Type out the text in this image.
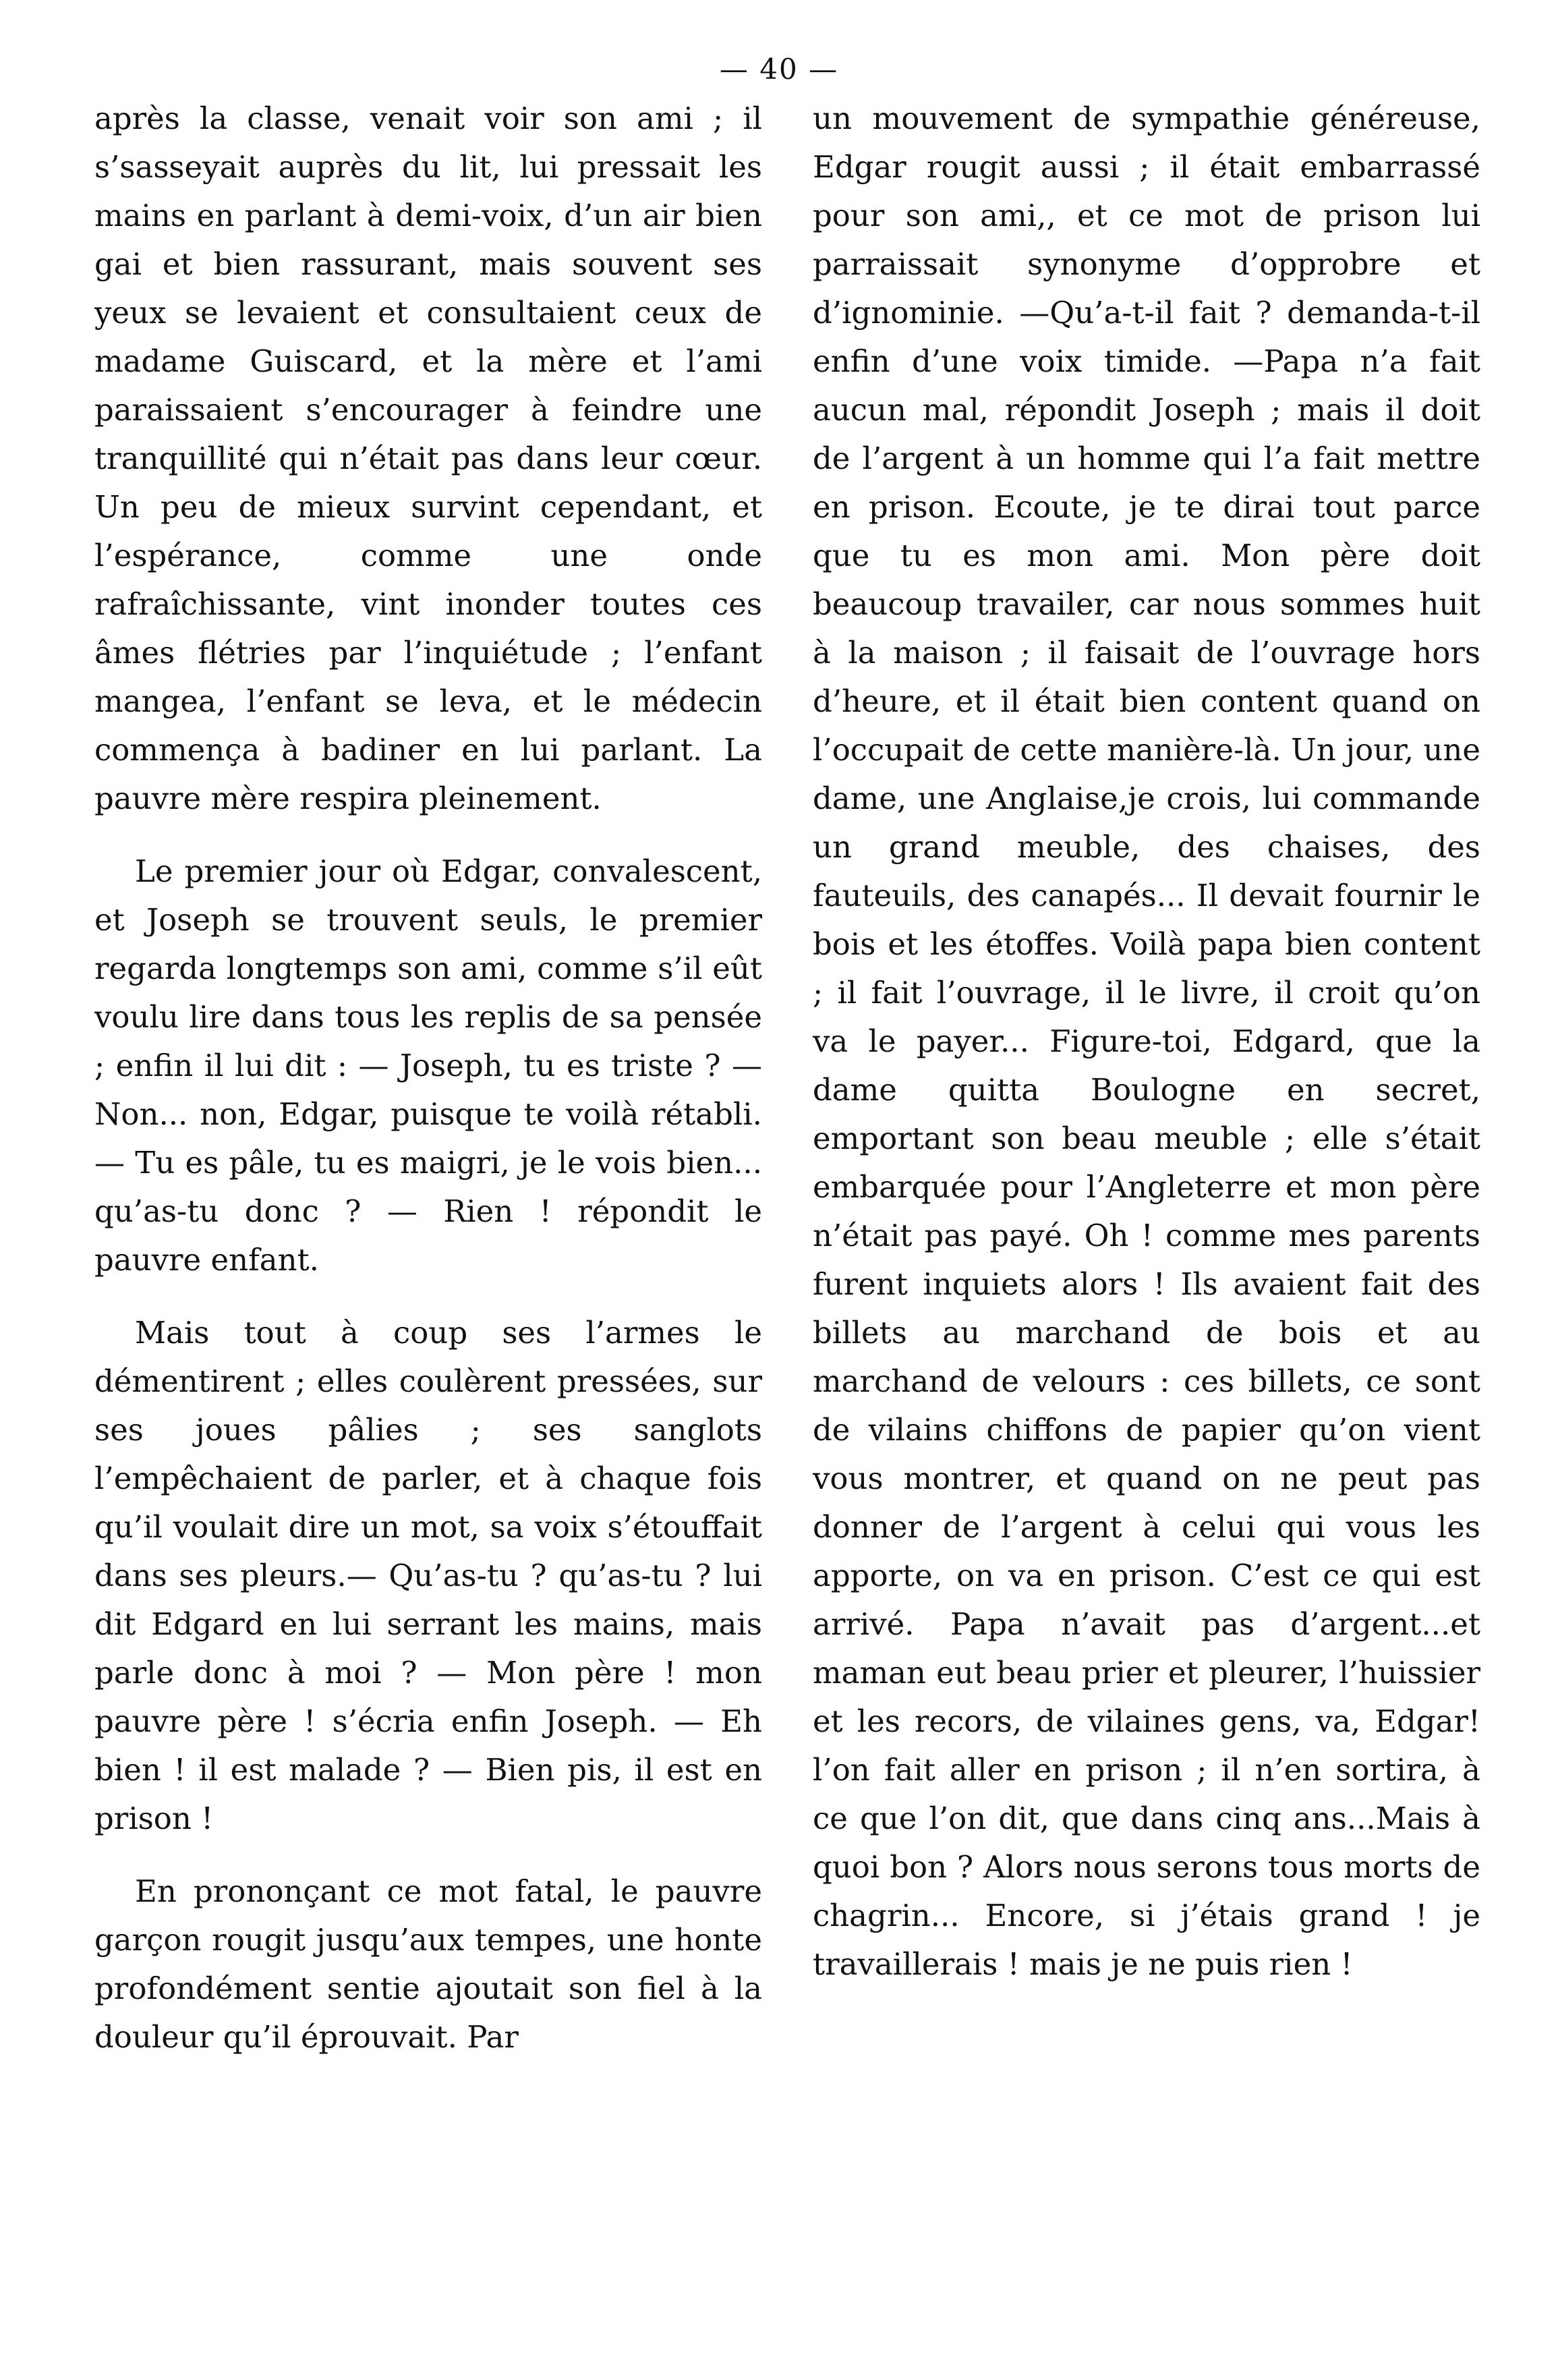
— 40 —

après la classe, venait voir son ami ; il s’sasseyait auprès du lit, lui pressait les mains en parlant à demi-voix, d’un air bien gai et bien rassurant, mais souvent ses yeux se levaient et consultaient ceux de madame Guiscard, et la mère et l’ami paraissaient s’encourager à feindre une tranquillité qui n’était pas dans leur cœur. Un peu de mieux survint cependant, et l’espérance, comme une onde rafraîchissante, vint inonder toutes ces âmes flétries par l’inquiétude ; l’enfant mangea, l’enfant se leva, et le médecin commença à badiner en lui parlant. La pauvre mère respira pleinement.

Le premier jour où Edgar, convalescent, et Joseph se trouvent seuls, le premier regarda longtemps son ami, comme s’il eût voulu lire dans tous les replis de sa pensée ; enfin il lui dit : — Joseph, tu es triste ? — Non... non, Edgar, puisque te voilà rétabli.— Tu es pâle, tu es maigri, je le vois bien... qu’as-tu donc ? — Rien ! répondit le pauvre enfant.

Mais tout à coup ses l’armes le démentirent ; elles coulèrent pressées, sur ses joues pâlies ; ses sanglots l’empêchaient de parler, et à chaque fois qu’il voulait dire un mot, sa voix s’étouffait dans ses pleurs.— Qu’as-tu ? qu’as-tu ? lui dit Edgard en lui serrant les mains, mais parle donc à moi ? — Mon père ! mon pauvre père ! s’écria enfin Joseph. — Eh bien ! il est malade ? — Bien pis, il est en prison !

En prononçant ce mot fatal, le pauvre garçon rougit jusqu’aux tempes, une honte profondément sentie ajoutait son fiel à la douleur qu’il éprouvait. Par

un mouvement de sympathie généreuse, Edgar rougit aussi ; il était embarrassé pour son ami,, et ce mot de prison lui parraissait synonyme d’opprobre et d’ignominie. —Qu’a-t-il fait ? demanda-t-il enfin d’une voix timide. —Papa n’a fait aucun mal, répondit Joseph ; mais il doit de l’argent à un homme qui l’a fait mettre en prison. Ecoute, je te dirai tout parce que tu es mon ami. Mon père doit beaucoup travailer, car nous sommes huit à la maison ; il faisait de l’ouvrage hors d’heure, et il était bien content quand on l’occupait de cette manière-là. Un jour, une dame, une Anglaise,je crois, lui commande un grand meuble, des chaises, des fauteuils, des canapés... Il devait fournir le bois et les étoffes. Voilà papa bien content ; il fait l’ouvrage, il le livre, il croit qu’on va le payer... Figure-toi, Edgard, que la dame quitta Boulogne en secret, emportant son beau meuble ; elle s’était embarquée pour l’Angleterre et mon père n’était pas payé. Oh ! comme mes parents furent inquiets alors ! Ils avaient fait des billets au marchand de bois et au marchand de velours : ces billets, ce sont de vilains chiffons de papier qu’on vient vous montrer, et quand on ne peut pas donner de l’argent à celui qui vous les apporte, on va en prison. C’est ce qui est arrivé. Papa n’avait pas d’argent...et maman eut beau prier et pleurer, l’huissier et les recors, de vilaines gens, va, Edgar! l’on fait aller en prison ; il n’en sortira, à ce que l’on dit, que dans cinq ans...Mais à quoi bon ? Alors nous serons tous morts de chagrin... Encore, si j’étais grand ! je travaillerais ! mais je ne puis rien !
